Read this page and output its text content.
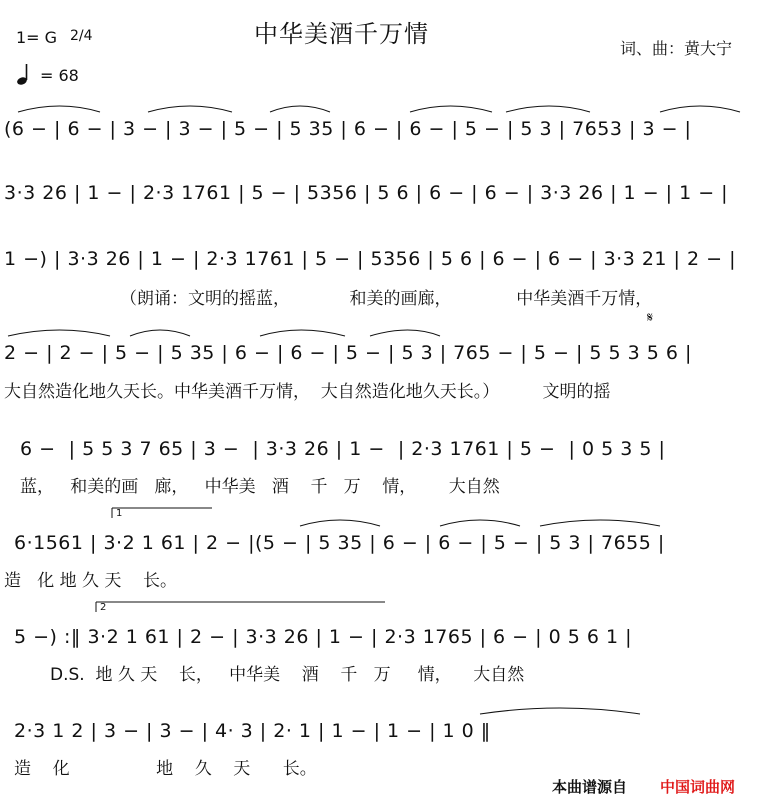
1= G 2/4	中华美酒千万情
词、曲：黄大宁
= 68
(6 − | 6 − | 3 − | 3 − | 5 − | 5 35 | 6 − | 6 − | 5 − | 5 3 | 7653 | 3 − |
3·3 26 | 1 − | 2·3 1761 | 5 − | 5356 | 5 6 | 6 − | 6 − | 3·3 26 | 1 − | 1 − |
1 −) | 3·3 26 | 1 − | 2·3 1761 | 5 − | 5356 | 5 6 | 6 − | 6 − | 3·3 21 | 2 − |
（朗诵：文明的摇蓝，           和美的画廊，            中华美酒千万情，
𝄋
2 − | 2 − | 5 − | 5 35 | 6 − | 6 − | 5 − | 5 3 | 765 − | 5 − | 5 5 3 5 6 |
大自然造化地久天长。中华美酒千万情，  大自然造化地久天长。）        文明的摇
6 −  | 5 5 3 7 65 | 3 −  | 3·3 26 | 1 −  | 2·3 1761 | 5 −  | 0 5 3 5 |
蓝，   和美的画   廊，   中华美   酒    千   万    情，      大自然
1
6·1561 | 3·2 1 61 | 2 − |(5 − | 5 35 | 6 − | 6 − | 5 − | 5 3 | 7655 |
造   化 地 久 天    长。
2
5 −) :‖ 3·2 1 61 | 2 − | 3·3 26 | 1 − | 2·3 1765 | 6 − | 0 5 6 1 |
D.S.  地 久 天    长，   中华美    酒    千   万     情，    大自然
2·3 1 2 | 3 − | 3 − | 4· 3 | 2· 1 | 1 − | 1 − | 1 0 ‖
造    化                地    久    天      长。
本曲谱源自 中国词曲网
